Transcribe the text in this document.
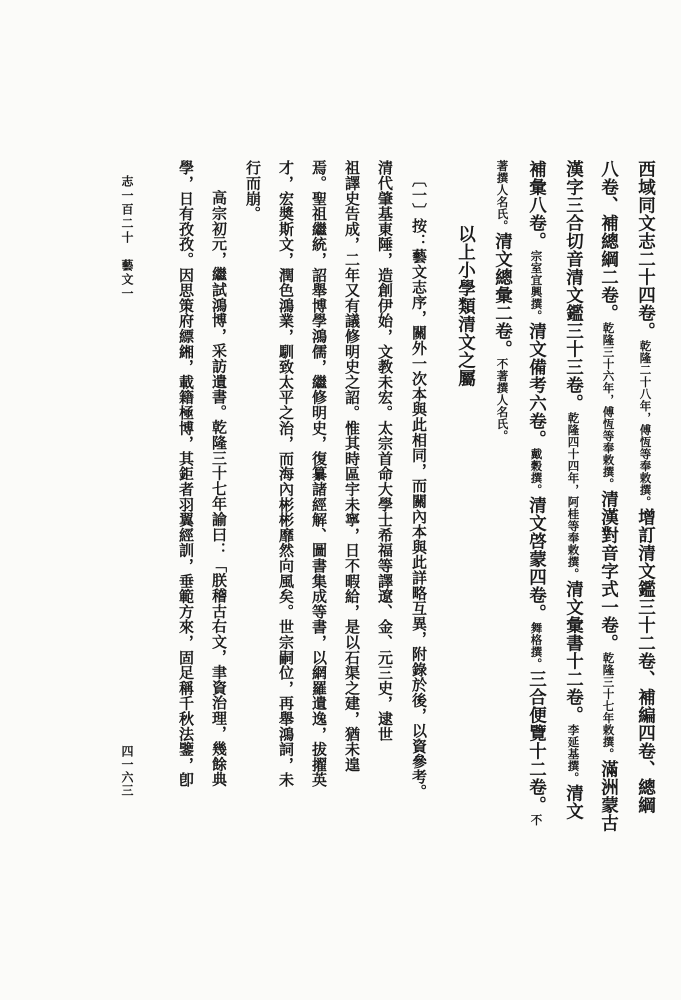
西域同文志二十四卷。乾隆二十八年，傅恆等奉敕撰。增訂清文鑑三十二卷、補編四卷、總綱
八卷、補總綱二卷。乾隆三十六年，傅恆等奉敕撰。清漢對音字式一卷。乾隆三十七年敕撰。滿洲蒙古
漢字三合切音清文鑑三十三卷。乾隆四十四年，阿桂等奉敕撰。清文彙書十二卷。李延基撰。清文
補彙八卷。宗室宜興撰。清文備考六卷。戴穀撰。清文啓蒙四卷。舞格撰。三合便覽十二卷。不
著撰人名氏。清文總彙二卷。不著撰人名氏。
以上小學類清文之屬
〔一〕按：藝文志序，關外一次本與此相同，而關內本與此詳略互異，附錄於後，以資參考。
清代肇基東陲，造創伊始，文教未宏。太宗首命大學士希福等譯遼、金、元三史，逮世
祖譯史告成，二年又有議修明史之詔。惟其時區宇未寧，日不暇給，是以石渠之建，猶未遑
焉。聖祖繼統，詔舉博學鴻儒，繼修明史，復纂諸經解、圖書集成等書，以網羅遺逸，拔擢英
才，宏奬斯文，潤色鴻業，馴致太平之治，而海內彬彬靡然向風矣。世宗嗣位，再舉鴻詞，未
行而崩。
高宗初元，繼試鴻博，采訪遺書。乾隆三十七年諭曰：「朕稽古右文，聿資治理，幾餘典
學，日有孜孜。因思策府縹緗，載籍極博，其鉅者羽翼經訓，垂範方來，固足稱千秋法鑒，卽
志一百二十　藝文一
四一六三
